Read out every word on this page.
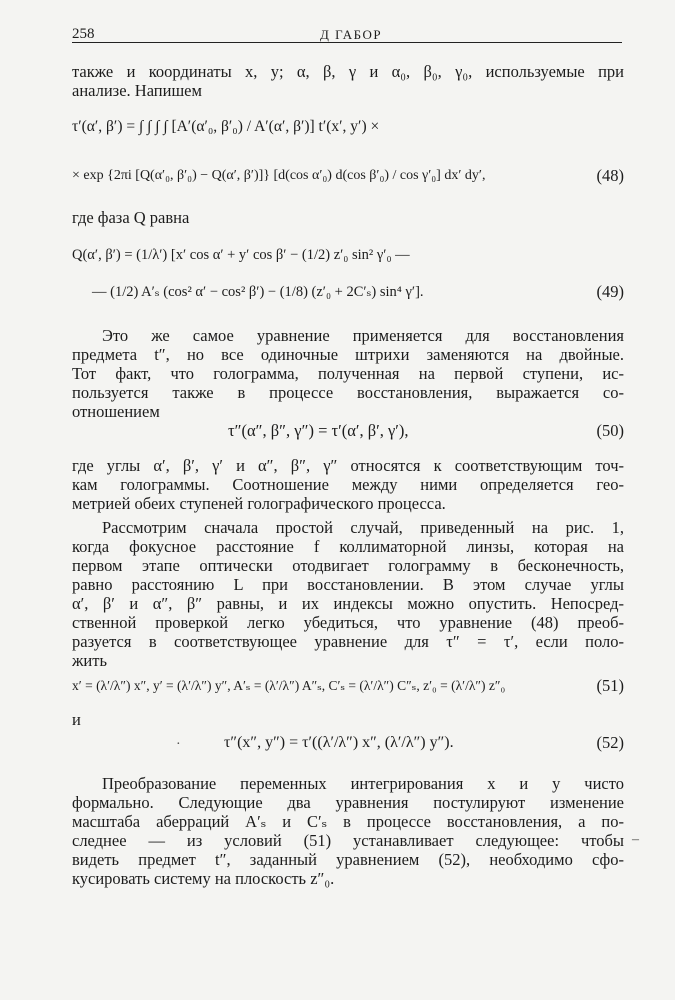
258	Д ГАБОР

также и координаты x, y; α, β, γ и α₀, β₀, γ₀, используемые при

анализе. Напишем

τ′(α′, β′) = ∫ ∫ ∫ ∫ [A′(α′₀, β′₀) / A′(α′, β′)] t′(x′, y′) ×
× exp {2πi [Q(α′₀, β′₀) − Q(α′, β′)]} [d(cos α′₀) d(cos β′₀) / cos γ′₀] dx′ dy′,	(48)

где фаза Q равна

Q(α′, β′) = (1/λ′) [x′ cos α′ + y′ cos β′ − (1/2) z′₀ sin² γ′₀ —
— (1/2) A′ₛ (cos² α′ − cos² β′) − (1/8) (z′₀ + 2C′ₛ) sin⁴ γ′].	(49)

Это же самое уравнение применяется для восстановления

предмета t″, но все одиночные штрихи заменяются на двойные.

Тот факт, что голограмма, полученная на первой ступени, ис-

пользуется также в процессе восстановления, выражается со-

отношением

τ″(α″, β″, γ″) = τ′(α′, β′, γ′),	(50)

где углы α′, β′, γ′ и α″, β″, γ″ относятся к соответствующим точ-

кам голограммы. Соотношение между ними определяется гео-

метрией обеих ступеней голографического процесса.

Рассмотрим сначала простой случай, приведенный на рис. 1,

когда фокусное расстояние f коллиматорной линзы, которая на

первом этапе оптически отодвигает голограмму в бесконечность,

равно расстоянию L при восстановлении. В этом случае углы

α′, β′ и α″, β″ равны, и их индексы можно опустить. Непосред-

ственной проверкой легко убедиться, что уравнение (48) преоб-

разуется в соответствующее уравнение для τ″ = τ′, если поло-

жить

x′ = (λ′/λ″) x″, y′ = (λ′/λ″) y″, A′ₛ = (λ′/λ″) A″ₛ, C′ₛ = (λ′/λ″) C″ₛ, z′₀ = (λ′/λ″) z″₀	(51)

и

τ″(x″, y″) = τ′((λ′/λ″) x″, (λ′/λ″) y″).	(52)

Преобразование переменных интегрирования x и y чисто

формально. Следующие два уравнения постулируют изменение

масштаба аберраций A′ₛ и C′ₛ в процессе восстановления, а по-

следнее — из условий (51) устанавливает следующее: чтобы

видеть предмет t″, заданный уравнением (52), необходимо сфо-

кусировать систему на плоскость z″₀.

·
–
